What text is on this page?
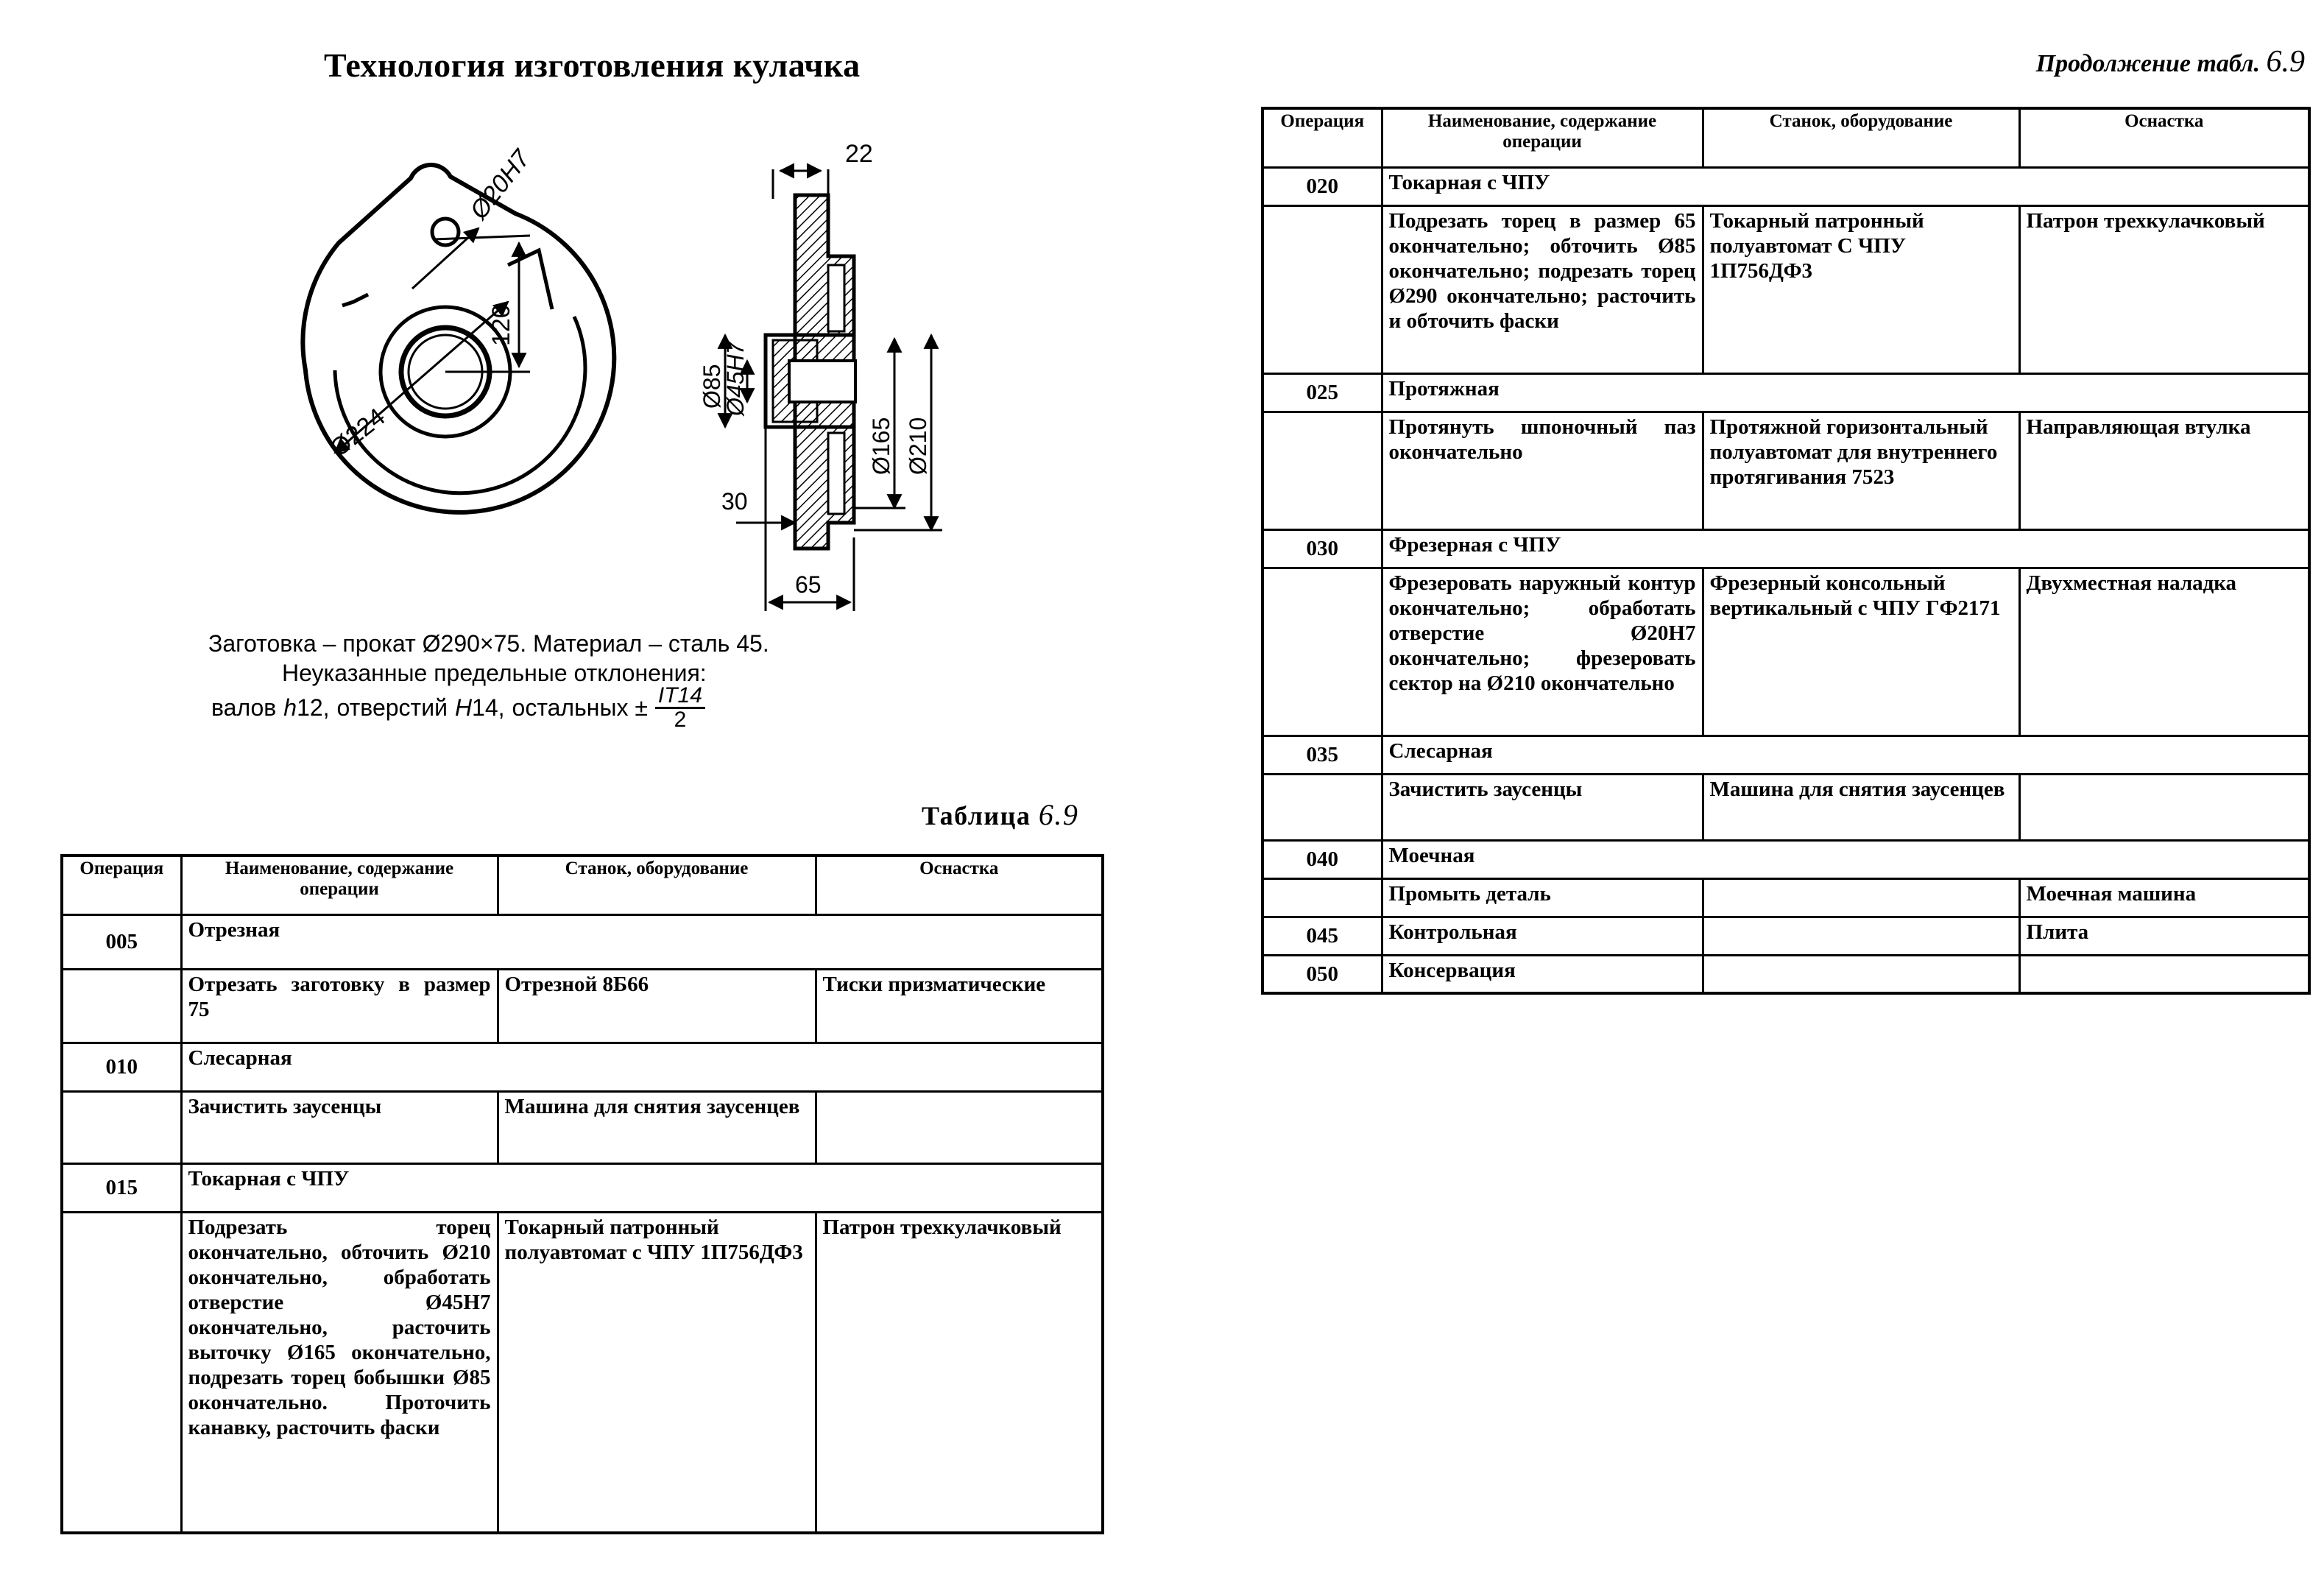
Технология изготовления кулачка	Продолжение табл. 6.9
Ø20H7
120
Ø224
22
Ø85
Ø45H7
Ø165 Ø210
30
65
Заготовка – прокат Ø290×75. Материал – сталь 45.
Неуказанные предельные отклонения:
валов h12, отверстий H14, остальных ± $\frac{IT14}{2}$
Таблица 6.9
Операция	Наименование, содержание операции	Станок, оборудование	Оснастка
005	Отрезная		
	Отрезать заготовку в размер 75	Отрезной 8Б66	Тиски призматические
010	Слесарная		
	Зачистить заусенцы	Машина для снятия заусенцев	
015	Токарная с ЧПУ		
	Подрезать торец окончательно, обточить Ø210 окончательно, обработать отверстие Ø45H7 окончательно, расточить выточку Ø165 окончательно, подрезать торец бобышки Ø85 окончательно. Проточить канавку, расточить фаски	Токарный патронный полуавтомат с ЧПУ 1П756ДФ3	Патрон трехкулачковый
Операция	Наименование, содержание операции	Станок, оборудование	Оснастка
020	Токарная с ЧПУ		
	Подрезать торец в размер 65 окончательно; обточить Ø85 окончательно; подрезать торец Ø290 окончательно; расточить и обточить фаски	Токарный патронный полуавтомат С ЧПУ 1П756ДФ3	Патрон трехкулачковый
025	Протяжная		
	Протянуть шпоночный паз окончательно	Протяжной горизонтальный полуавтомат для внутреннего протягивания 7523	Направляющая втулка
030	Фрезерная с ЧПУ		
	Фрезеровать наружный контур окончательно; обработать отверстие Ø20H7 окончательно; фрезеровать сектор на Ø210 окончательно	Фрезерный консольный вертикальный с ЧПУ ГФ2171	Двухместная наладка
035	Слесарная		
	Зачистить заусенцы	Машина для снятия заусенцев	
040	Моечная		
	Промыть деталь		Моечная машина
045	Контрольная		Плита
050	Консервация		
